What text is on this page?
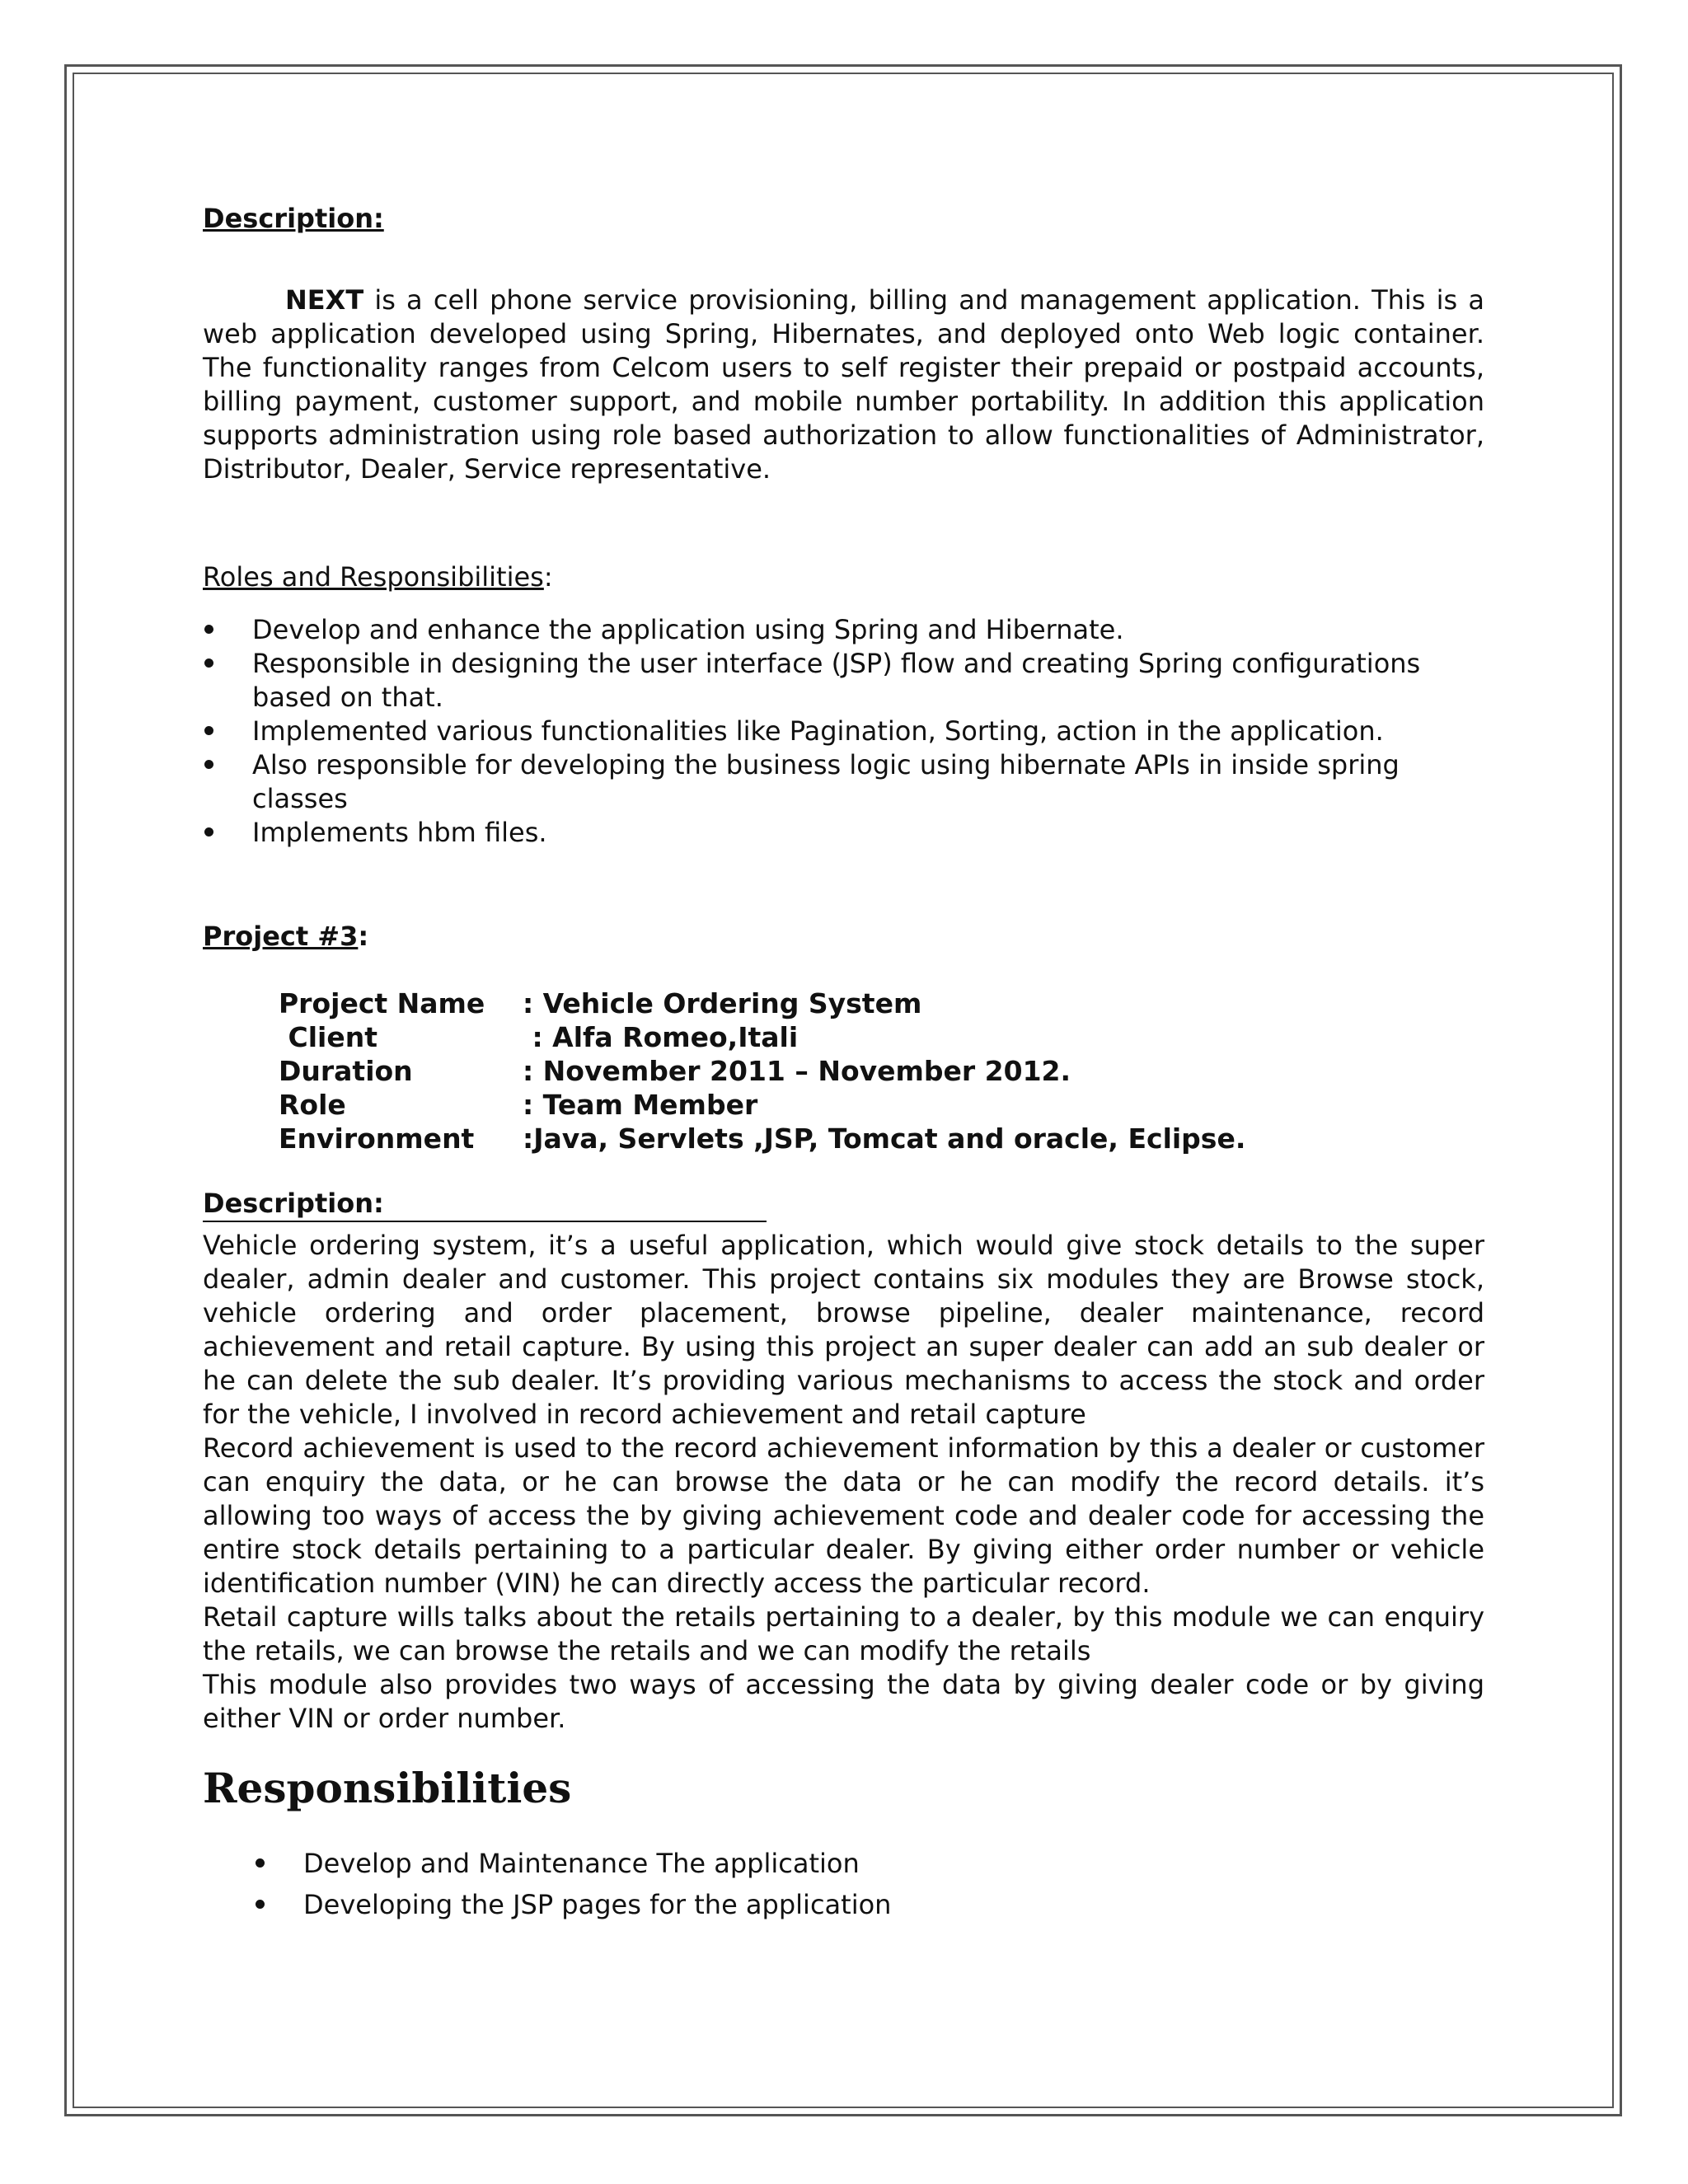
Description:

NEXT is a cell phone service provisioning, billing and management application. This is a web application developed using Spring, Hibernates, and deployed onto Web logic container. The functionality ranges from Celcom users to self register their prepaid or postpaid accounts, billing payment, customer support, and mobile number portability. In addition this application supports administration using role based authorization to allow functionalities of Administrator, Distributor, Dealer, Service representative.

Roles and Responsibilities:

Develop and enhance the application using Spring and Hibernate.
Responsible in designing the user interface (JSP) flow and creating Spring configurations based on that.
Implemented various functionalities like Pagination, Sorting, action in the application.
Also responsible for developing the business logic using hibernate APIs in inside spring classes
Implements hbm files.

Project #3:

Project Name	: Vehicle Ordering System
Client	: Alfa Romeo,Itali
Duration	: November 2011 – November 2012.
Role	: Team Member
Environment	:Java, Servlets ,JSP, Tomcat and oracle, Eclipse.
Description:

Vehicle ordering system, it’s a useful application, which would give stock details to the super dealer, admin dealer and customer. This project contains six modules they are Browse stock, vehicle ordering and order placement, browse pipeline, dealer maintenance, record achievement and retail capture. By using this project an super dealer can add an sub dealer or he can delete the sub dealer. It’s providing various mechanisms to access the stock and order for the vehicle, I involved in record achievement and retail capture

Record achievement is used to the record achievement information by this a dealer or customer can enquiry the data, or he can browse the data or he can modify the record details. it’s allowing too ways of access the by giving achievement code and dealer code for accessing the entire stock details pertaining to a particular dealer. By giving either order number or vehicle identification number (VIN) he can directly access the particular record.

Retail capture wills talks about the retails pertaining to a dealer, by this module we can enquiry the retails, we can browse the retails and we can modify the retails

This module also provides two ways of accessing the data by giving dealer code or by giving either VIN or order number.

Responsibilities

Develop and Maintenance The application
Developing the JSP pages for the application
